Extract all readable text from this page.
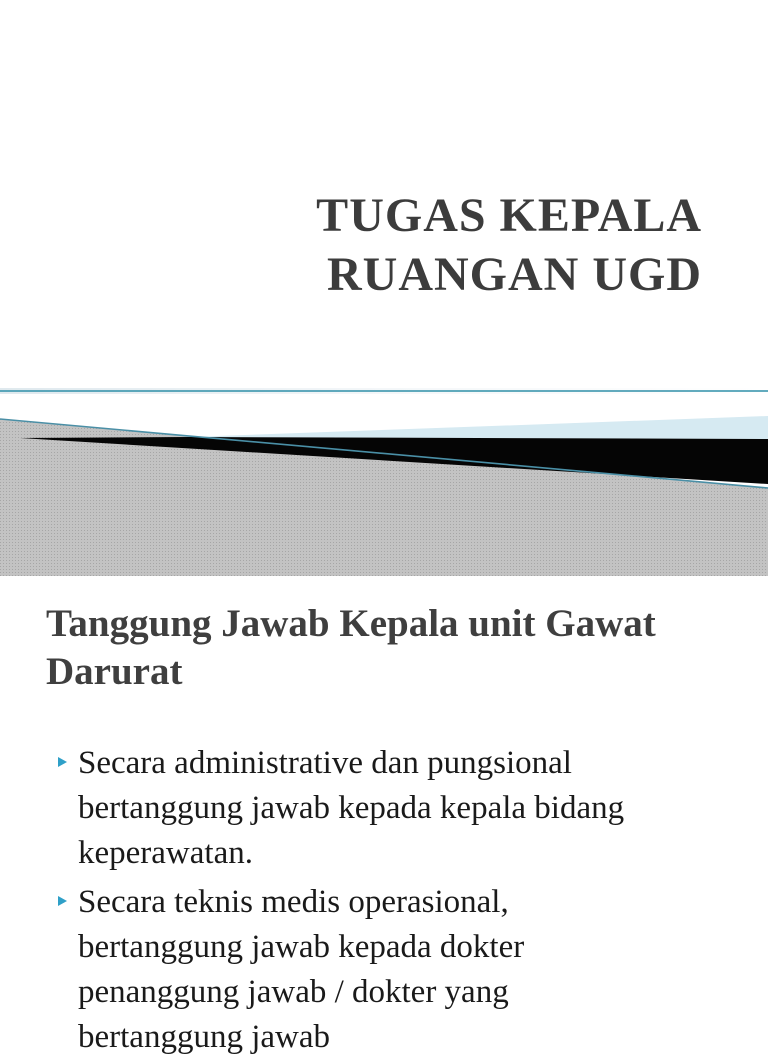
TUGAS KEPALA
RUANGAN UGD
Tanggung Jawab Kepala unit Gawat Darurat
Secara administrative dan pungsional
bertanggung jawab kepada kepala bidang
keperawatan.
Secara teknis medis operasional,
bertanggung jawab kepada dokter
penanggung jawab / dokter yang
bertanggung jawab
